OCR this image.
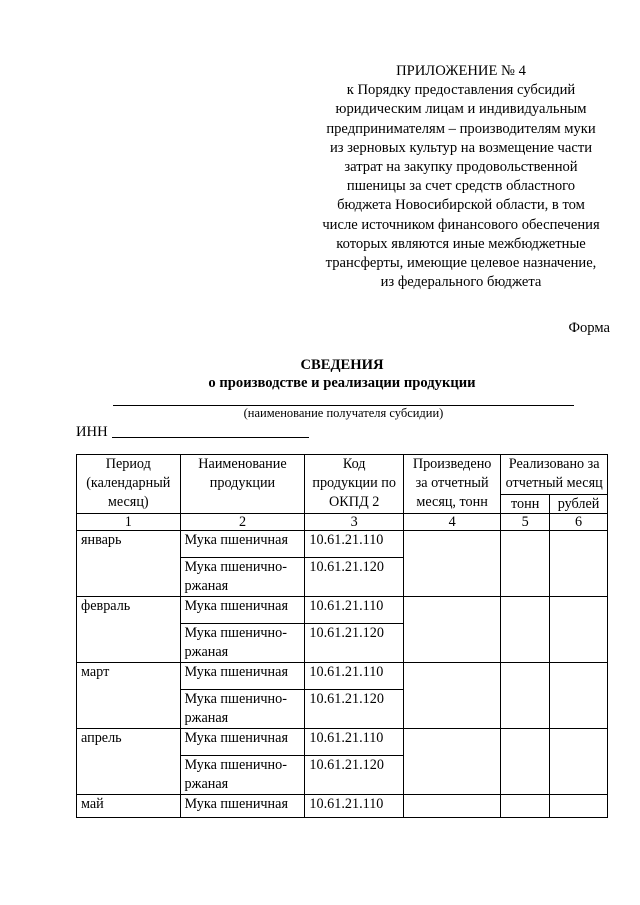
ПРИЛОЖЕНИЕ № 4
к Порядку предоставления субсидий
юридическим лицам и индивидуальным
предпринимателям – производителям муки
из зерновых культур на возмещение части
затрат на закупку продовольственной
пшеницы за счет средств областного
бюджета Новосибирской области, в том
числе источником финансового обеспечения
которых являются иные межбюджетные
трансферты, имеющие целевое назначение,
из федерального бюджета
Форма
СВЕДЕНИЯ
о производстве и реализации продукции
(наименование получателя субсидии)
ИНН
Период (календарный месяц)	Наименование продукции	Код продукции по ОКПД 2	Произведено за отчетный месяц, тонн	Реализовано за отчетный месяц	
				тонн	рублей
1	2	3	4	5	6
январь	Мука пшеничная	10.61.21.110			
	Мука пшенично-ржаная	10.61.21.120			
февраль	Мука пшеничная	10.61.21.110			
	Мука пшенично-ржаная	10.61.21.120			
март	Мука пшеничная	10.61.21.110			
	Мука пшенично-ржаная	10.61.21.120			
апрель	Мука пшеничная	10.61.21.110			
	Мука пшенично-ржаная	10.61.21.120			
май	Мука пшеничная	10.61.21.110			
